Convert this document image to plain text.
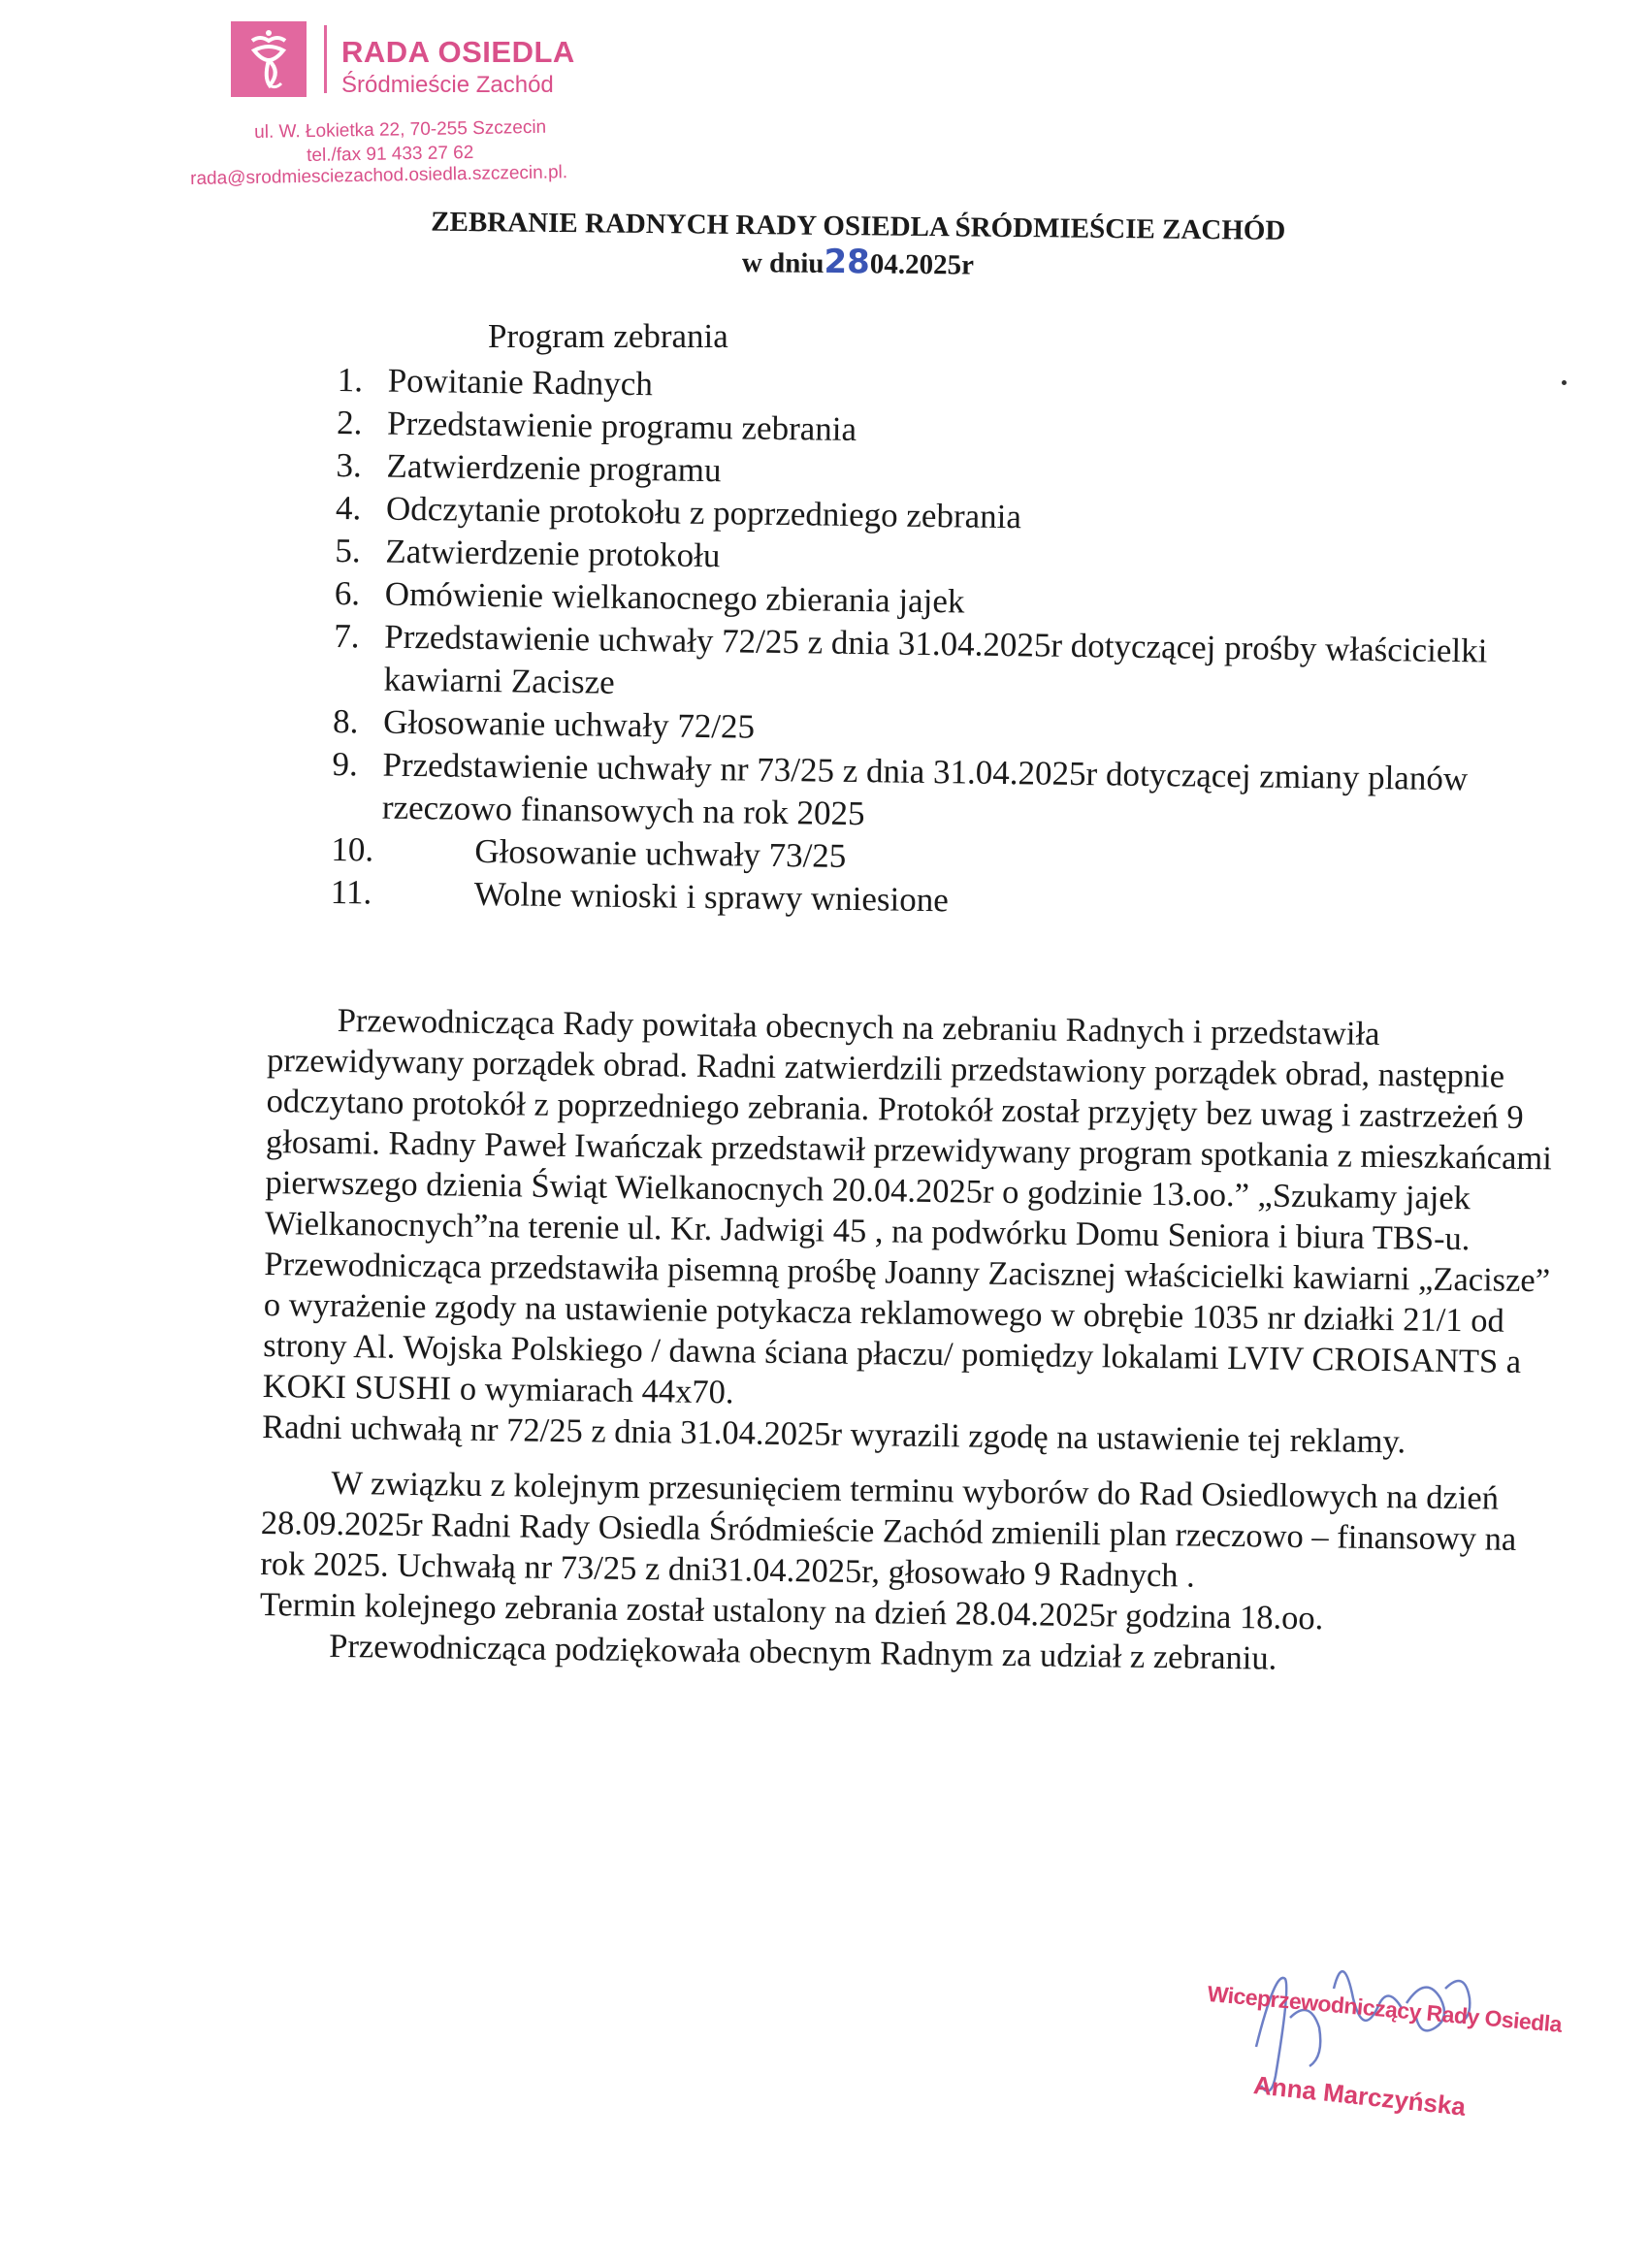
RADA OSIEDLA
Śródmieście Zachód
ul. W. Łokietka 22, 70-255 Szczecin
tel./fax 91 433 27 62
rada@srodmiesciezachod.osiedla.szczecin.pl.
ZEBRANIE RADNYCH RADY OSIEDLA ŚRÓDMIEŚCIE ZACHÓD
w dniu2804.2025r
Program zebrania
1. Powitanie Radnych
2. Przedstawienie programu zebrania
3. Zatwierdzenie programu
4. Odczytanie protokołu z poprzedniego zebrania
5. Zatwierdzenie protokołu
6. Omówienie wielkanocnego zbierania jajek
7. Przedstawienie uchwały 72/25 z dnia 31.04.2025r dotyczącej prośby właścicielki kawiarni Zacisze
8. Głosowanie uchwały 72/25
9. Przedstawienie uchwały nr 73/25 z dnia 31.04.2025r dotyczącej zmiany planów rzeczowo finansowych na rok 2025
10.	Głosowanie uchwały 73/25
11.	Wolne wnioski i sprawy wniesione

Przewodnicząca Rady powitała obecnych na zebraniu Radnych i przedstawiła przewidywany porządek obrad. Radni zatwierdzili przedstawiony porządek obrad, następnie odczytano protokół z poprzedniego zebrania. Protokół został przyjęty bez uwag i zastrzeżeń 9 głosami. Radny Paweł Iwańczak przedstawił przewidywany program spotkania z mieszkańcami pierwszego dzienia Świąt Wielkanocnych 20.04.2025r o godzinie 13.oo.” „Szukamy jajek Wielkanocnych”na terenie ul. Kr. Jadwigi 45 , na podwórku Domu Seniora i biura TBS-u. Przewodnicząca przedstawiła pisemną prośbę Joanny Zacisznej właścicielki kawiarni „Zacisze” o wyrażenie zgody na ustawienie potykacza reklamowego w obrębie 1035 nr działki 21/1 od strony Al. Wojska Polskiego / dawna ściana płaczu/ pomiędzy lokalami LVIV CROISANTS a KOKI SUSHI o wymiarach 44x70.

Radni uchwałą nr 72/25 z dnia 31.04.2025r wyrazili zgodę na ustawienie tej reklamy.

W związku z kolejnym przesunięciem terminu wyborów do Rad Osiedlowych na dzień 28.09.2025r Radni Rady Osiedla Śródmieście Zachód zmienili plan rzeczowo – finansowy na rok 2025. Uchwałą nr 73/25 z dni31.04.2025r, głosowało 9 Radnych .

Termin kolejnego zebrania został ustalony na dzień 28.04.2025r godzina 18.oo.

Przewodnicząca podziękowała obecnym Radnym za udział z zebraniu.

Wiceprzewodniczący Rady Osiedla
Anna Marczyńska
